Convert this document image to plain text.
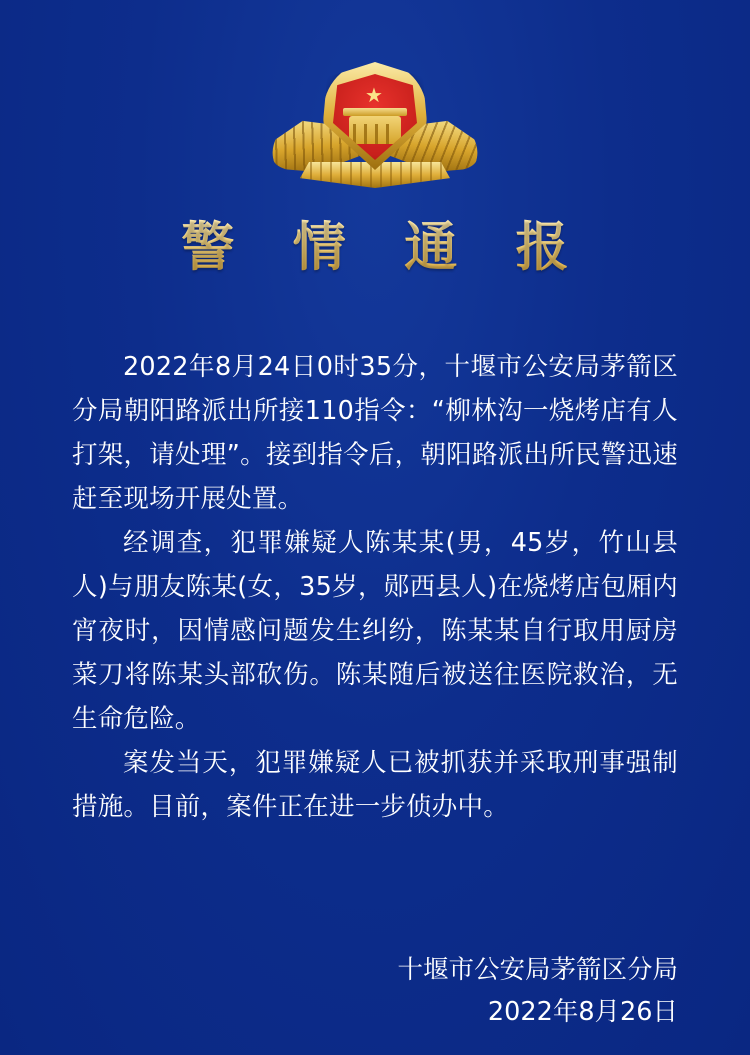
警 情 通 报

2022年8月24日0时35分，十堰市公安局茅箭区分局朝阳路派出所接110指令：“柳林沟一烧烤店有人打架，请处理”。接到指令后，朝阳路派出所民警迅速赶至现场开展处置。

经调查，犯罪嫌疑人陈某某(男，45岁，竹山县人)与朋友陈某(女，35岁，郧西县人)在烧烤店包厢内宵夜时，因情感问题发生纠纷，陈某某自行取用厨房菜刀将陈某头部砍伤。陈某随后被送往医院救治，无生命危险。

案发当天，犯罪嫌疑人已被抓获并采取刑事强制措施。目前，案件正在进一步侦办中。

十堰市公安局茅箭区分局
2022年8月26日
